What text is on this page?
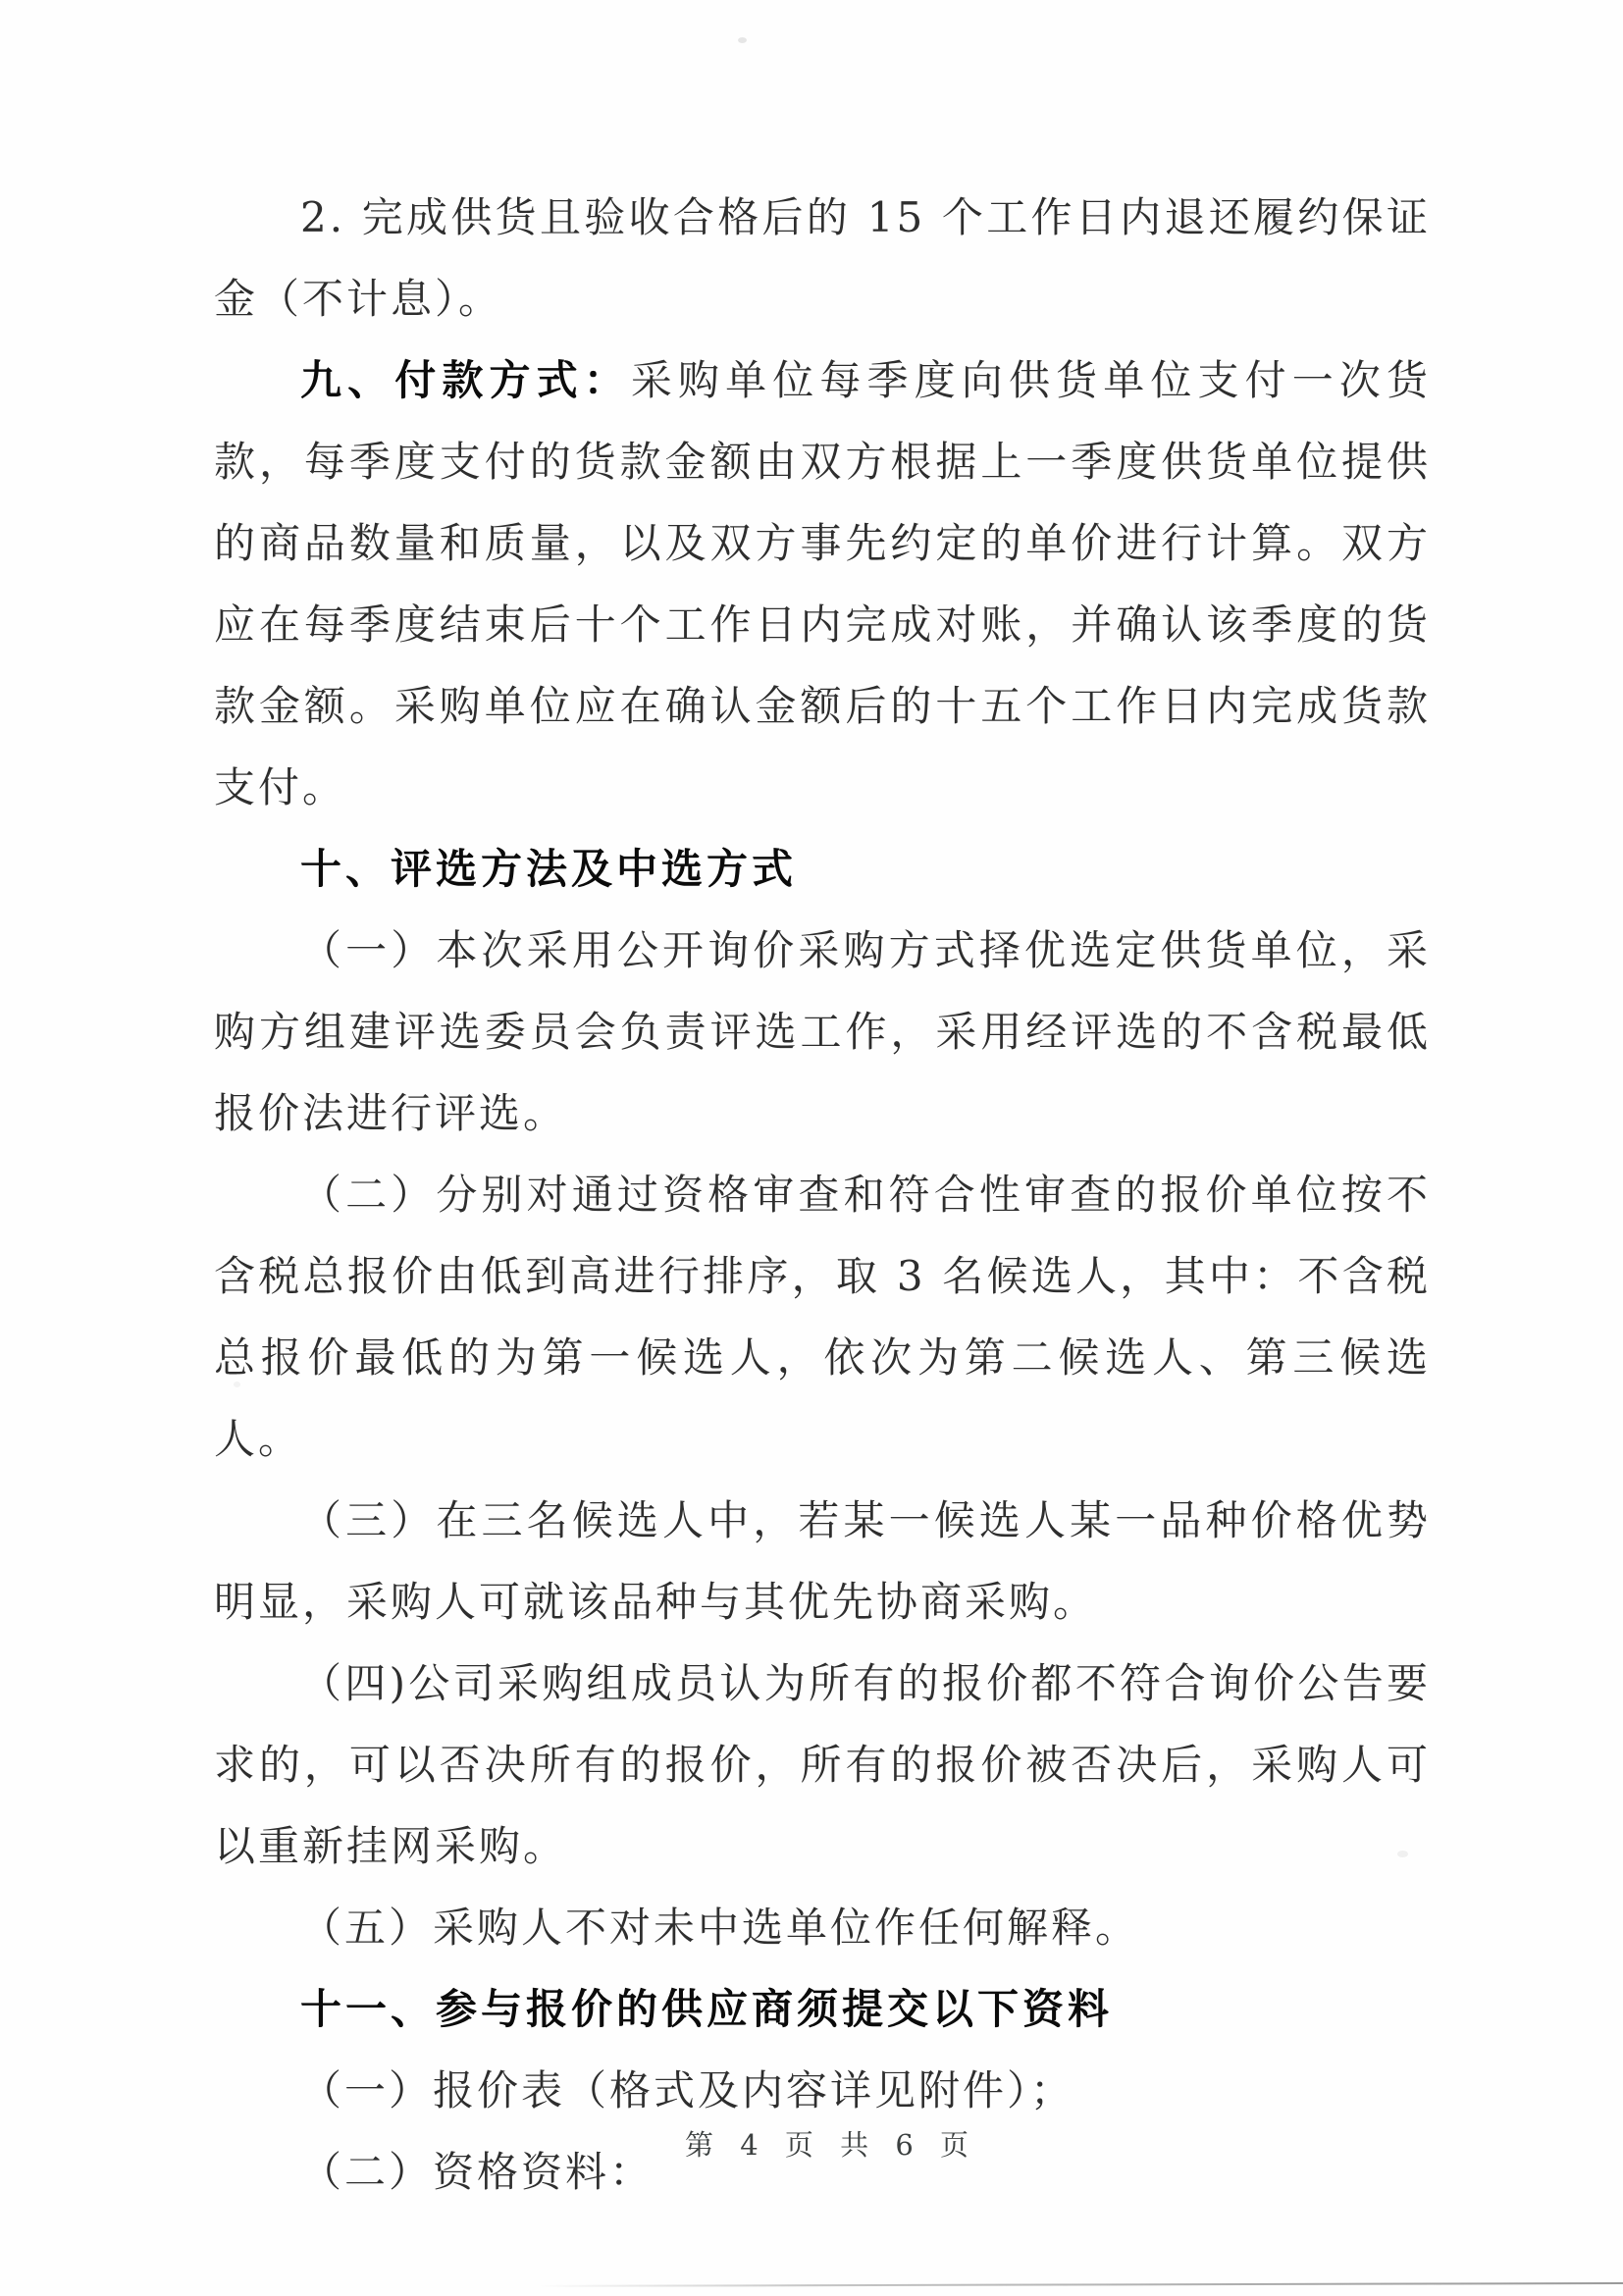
2. 完成供货且验收合格后的 15 个工作日内退还履约保证金（不计息）。

九、付款方式：采购单位每季度向供货单位支付一次货款，每季度支付的货款金额由双方根据上一季度供货单位提供的商品数量和质量，以及双方事先约定的单价进行计算。双方应在每季度结束后十个工作日内完成对账，并确认该季度的货款金额。采购单位应在确认金额后的十五个工作日内完成货款支付。

十、评选方法及中选方式

（一）本次采用公开询价采购方式择优选定供货单位，采购方组建评选委员会负责评选工作，采用经评选的不含税最低报价法进行评选。

（二）分别对通过资格审查和符合性审查的报价单位按不含税总报价由低到高进行排序，取 3 名候选人，其中：不含税总报价最低的为第一候选人，依次为第二候选人、第三候选人。

（三）在三名候选人中，若某一候选人某一品种价格优势明显，采购人可就该品种与其优先协商采购。

（四)公司采购组成员认为所有的报价都不符合询价公告要求的，可以否决所有的报价，所有的报价被否决后，采购人可以重新挂网采购。

（五）采购人不对未中选单位作任何解释。

十一、参与报价的供应商须提交以下资料

（一）报价表（格式及内容详见附件）；

（二）资格资料：

第 4 页 共 6 页
